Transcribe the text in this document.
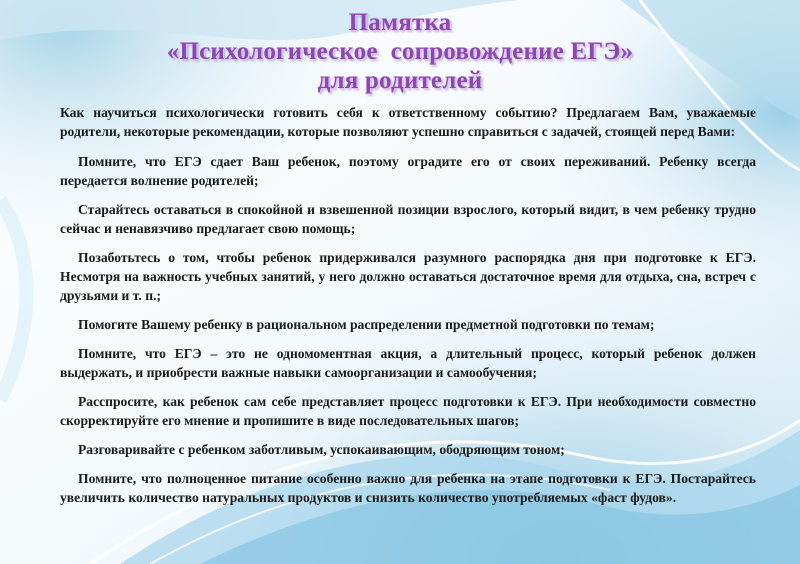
Памятка
«Психологическое  сопровождение ЕГЭ»
для родителей

Как научиться психологически готовить себя к ответственному событию? Предлагаем Вам, уважаемые родители, некоторые рекомендации, которые позволяют успешно справиться с задачей, стоящей перед Вами:

Помните, что ЕГЭ сдает Ваш ребенок, поэтому оградите его от своих переживаний. Ребенку всегда передается волнение родителей;

Старайтесь оставаться в спокойной и взвешенной позиции взрослого, который видит, в чем ребенку трудно сейчас и ненавязчиво предлагает свою помощь;

Позаботьтесь о том, чтобы ребенок придерживался разумного распорядка дня при подготовке к ЕГЭ. Несмотря на важность учебных занятий, у него должно оставаться достаточное время для отдыха, сна, встреч с друзьями и т. п.;

Помогите Вашему ребенку в рациональном распределении предметной подготовки по темам;

Помните, что ЕГЭ – это не одномоментная акция, а длительный процесс, который ребенок должен выдержать, и приобрести важные навыки самоорганизации и самообучения;

Расспросите, как ребенок сам себе представляет процесс подготовки к ЕГЭ. При необходимости совместно скорректируйте его мнение и пропишите в виде последовательных шагов;

Разговаривайте с ребенком заботливым, успокаивающим, ободряющим тоном;

Помните, что полноценное питание особенно важно для ребенка на этапе подготовки к ЕГЭ. Постарайтесь увеличить количество натуральных продуктов и снизить количество употребляемых «фаст фудов».
